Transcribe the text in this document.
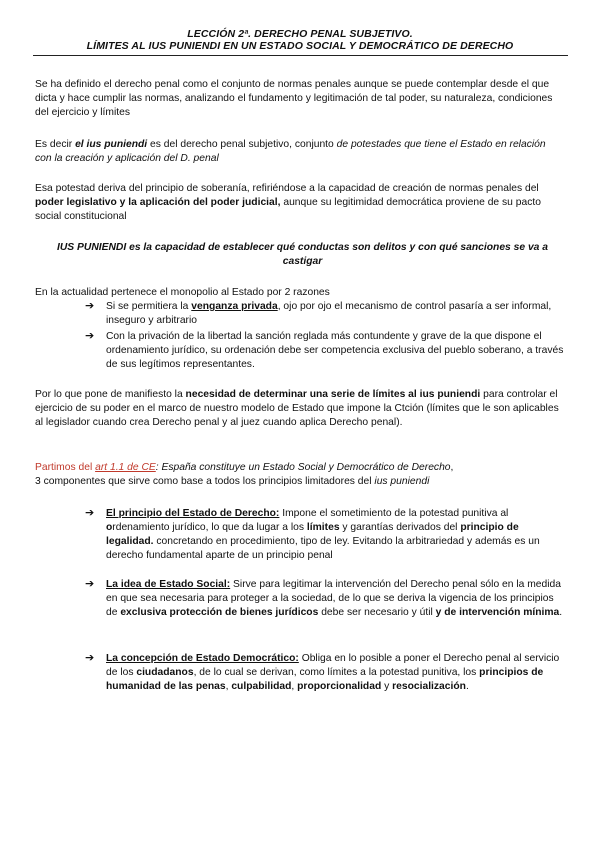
LECCIÓN 2ª. DERECHO PENAL SUBJETIVO.
LÍMITES AL IUS PUNIENDI EN UN ESTADO SOCIAL Y DEMOCRÁTICO DE DERECHO

Se ha definido el derecho penal como el conjunto de normas penales aunque se puede contemplar desde el que dicta y hace cumplir las normas, analizando el fundamento y legitimación de tal poder, su naturaleza, condiciones del ejercicio y límites

Es decir el ius puniendi es del derecho penal subjetivo, conjunto de potestades que tiene el Estado en relación con la creación y aplicación del D. penal

Esa potestad deriva del principio de soberanía, refiriéndose a la capacidad de creación de normas penales del poder legislativo y la aplicación del poder judicial, aunque su legitimidad democrática proviene de su pacto social constitucional

IUS PUNIENDI es la capacidad de establecer qué conductas son delitos y con qué sanciones se va a castigar

En la actualidad pertenece el monopolio al Estado por 2 razones

➔ Si se permitiera la venganza privada, ojo por ojo el mecanismo de control pasaría a ser informal, inseguro y arbitrario

➔ Con la privación de la libertad la sanción reglada más contundente y grave de la que dispone el ordenamiento jurídico, su ordenación debe ser competencia exclusiva del pueblo soberano, a través de sus legítimos representantes.

Por lo que pone de manifiesto la necesidad de determinar una serie de límites al ius puniendi para controlar el ejercicio de su poder en el marco de nuestro modelo de Estado que impone la Ctción (límites que le son aplicables al legislador cuando crea Derecho penal y al juez cuando aplica Derecho penal).

Partimos del art 1.1 de CE: España constituye un Estado Social y Democrático de Derecho,
3 componentes que sirve como base a todos los principios limitadores del ius puniendi

➔ El principio del Estado de Derecho: Impone el sometimiento de la potestad punitiva al ordenamiento jurídico, lo que da lugar a los límites y garantías derivados del principio de legalidad. concretando en procedimiento, tipo de ley. Evitando la arbitrariedad y además es un derecho fundamental aparte de un principio penal

➔ La idea de Estado Social: Sirve para legitimar la intervención del Derecho penal sólo en la medida en que sea necesaria para proteger a la sociedad, de lo que se deriva la vigencia de los principios de exclusiva protección de bienes jurídicos debe ser necesario y útil y de intervención mínima.

➔ La concepción de Estado Democrático: Obliga en lo posible a poner el Derecho penal al servicio de los ciudadanos, de lo cual se derivan, como límites a la potestad punitiva, los principios de humanidad de las penas, culpabilidad, proporcionalidad y resocialización.
